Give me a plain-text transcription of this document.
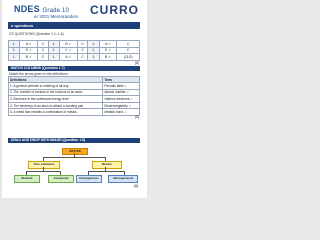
NDES Grade 10
er 2021 Memorandum CURRO
e questions
CE QUESTIONS (Question 1.1–1.6)
1.	A ✓	C	1.	B ✓	C	1.	A ✓	C
1.	D ✓	C	1.	C ✓	C	1.	D ✓	C
1.	B ✓	C	1.	A ✓	C	1.	B ✓	(11/2)
[6]
MATCH COLUMNS (Question 1.7)
Match the terms given in the definitions.
Definitions	Term
1. A general periodic w ordering of all any...	Periodic table ✓
2. The number of protons in the nucleus of an atom.	Atomic number ✓
3. Electrons in the outermost energy level.	Valence electrons ✓
4. The tendency of an atom to attract a bonding pair.	Electronegativity ✓
5. A metal that exhibits a combination of metals.	Metallic bond ✓
[5]
DRAG AND DROP WITH IMAGE (Question 1.8)
MATTER
Pure substance	Mixture
Element	Compound	Homogeneous	Heterogeneous
[6]
